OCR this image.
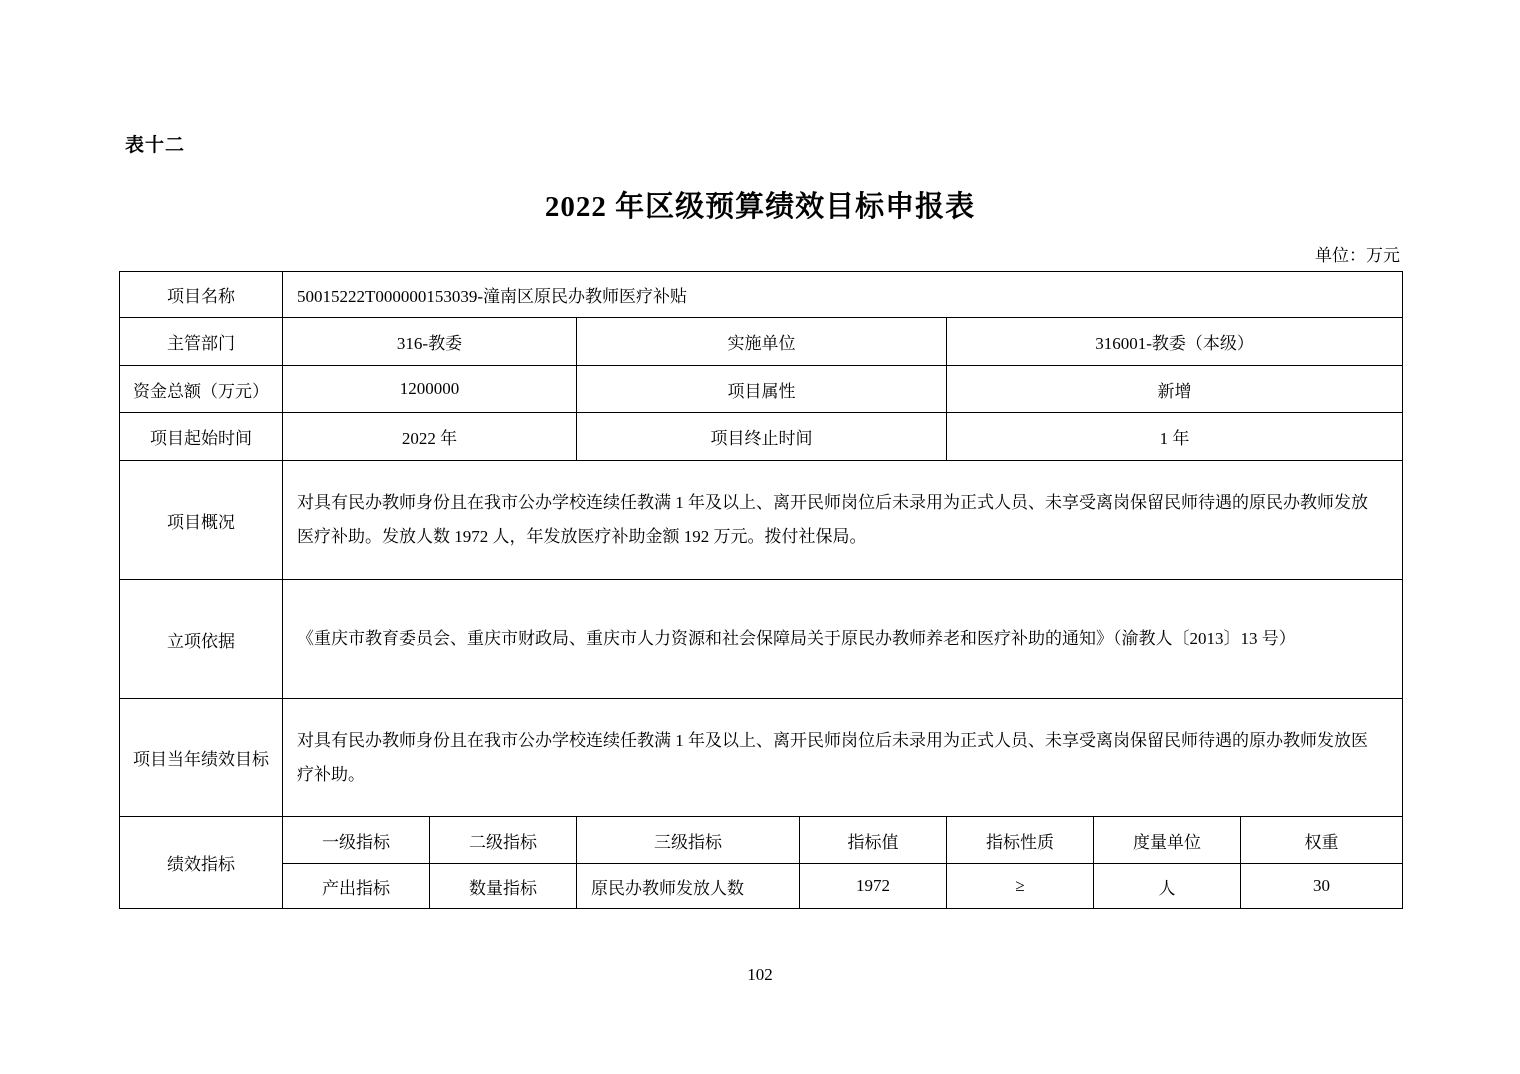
表十二
2022 年区级预算绩效目标申报表
单位：万元
项目名称	50015222T000000153039-潼南区原民办教师医疗补贴						
主管部门	316-教委		实施单位		316001-教委（本级）		
资金总额（万元）	1200000		项目属性		新增		
项目起始时间	2022 年		项目终止时间		1 年		
项目概况	对具有民办教师身份且在我市公办学校连续任教满 1 年及以上、离开民师岗位后未录用为正式人员、未享受离岗保留民师待遇的原民办教师发放医疗补助。发放人数 1972 人，年发放医疗补助金额 192 万元。拨付社保局。						
立项依据	《重庆市教育委员会、重庆市财政局、重庆市人力资源和社会保障局关于原民办教师养老和医疗补助的通知》（渝教人〔2013〕13 号）						
项目当年绩效目标	对具有民办教师身份且在我市公办学校连续任教满 1 年及以上、离开民师岗位后未录用为正式人员、未享受离岗保留民师待遇的原办教师发放医疗补助。						
绩效指标	一级指标	二级指标	三级指标	指标值	指标性质	度量单位	权重
	产出指标	数量指标	原民办教师发放人数	1972	≥	人	30
102
